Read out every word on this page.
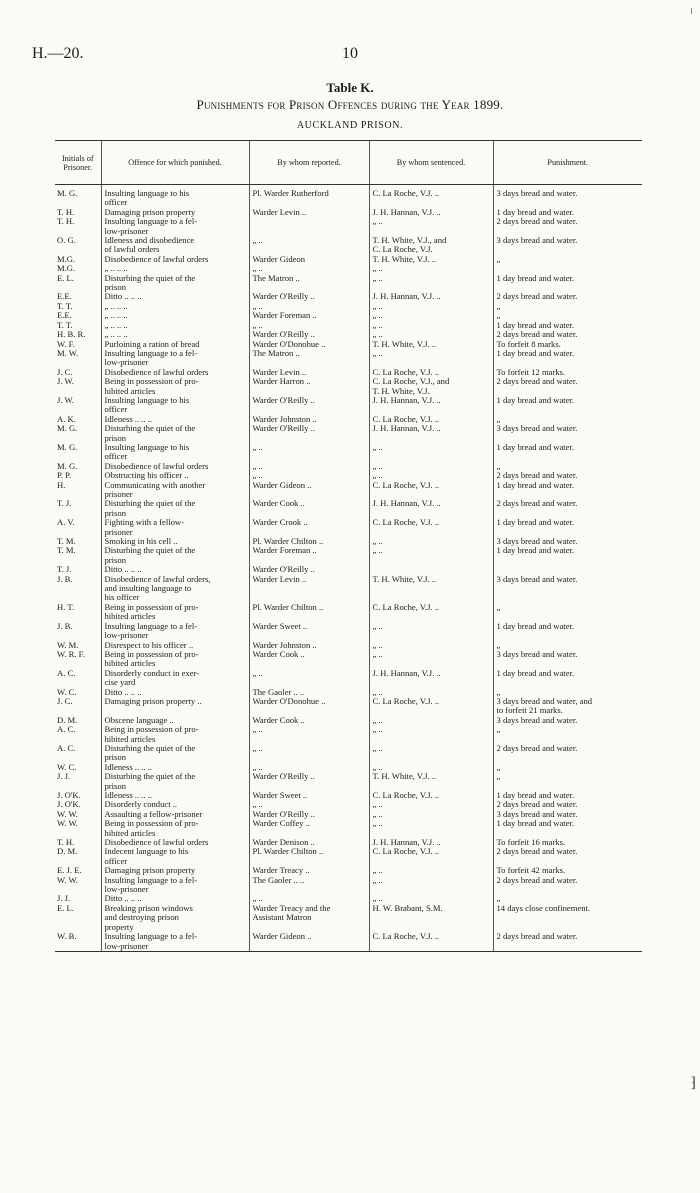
H.—20.	10
Table K.
Punishments for Prison Offences during the Year 1899.
AUCKLAND PRISON.
Initials of Prisoner.	Offence for which punished.	By whom reported.	By whom sentenced.	Punishment.

M. G.	Insulting language to his	Pl. Warder Rutherford	C. La Roche, V.J. ..	3 days bread and water.
	officer			
T. H.	Damaging prison property	Warder Levin ..	J. H. Hannan, V.J. ..	1 day bread and water.
T. H.	Insulting language to a fel-		„ ..	2 days bread and water.
	low-prisoner			
O. G.	Idleness and disobedience	„ ..	T. H. White, V.J., and	3 days bread and water.
	of lawful orders		C. La Roche, V.J.	
M.G.	Disobedience of lawful orders	Warder Gideon	T. H. White, V.J. ..	„
M.G.	„ .. .. ..	„ ..	„ ..	
E. L.	Disturbing the quiet of the	The Matron ..	„ ..	1 day bread and water.
	prison			
E.E.	Ditto .. .. ..	Warder O'Reilly ..	J. H. Hannan, V.J. ..	2 days bread and water.
T. T.	„ .. .. ..	„ ..	„ ..	„
E.E.	„ .. .. ..	Warder Foreman ..	„ ..	„
T. T.	„ .. .. ..	„ ..	„ ..	1 day bread and water.
H. B. R.	„ .. .. ..	Warder O'Reilly ..	„ ..	2 days bread and water.
W. F.	Purloining a ration of bread	Warder O'Donohue ..	T. H. White, V.J. ..	To forfeit 8 marks.
M. W.	Insulting language to a fel-	The Matron ..	„ ..	1 day bread and water.
	low-prisoner			
J. C.	Disobedience of lawful orders	Warder Levin ..	C. La Roche, V.J. ..	To forfeit 12 marks.
J. W.	Being in possession of pro-	Warder Harron ..	C. La Roche, V.J., and	2 days bread and water.
	hibited articles		T. H. White, V.J.	
J. W.	Insulting language to his	Warder O'Reilly ..	J. H. Hannan, V.J. ..	1 day bread and water.
	officer			
A. K.	Idleness .. .. ..	Warder Johnston ..	C. La Roche, V.J. ..	„
M. G.	Disturbing the quiet of the	Warder O'Reilly ..	J. H. Hannan, V.J. ..	3 days bread and water.
	prison			
M. G.	Insulting language to his	„ ..	„ ..	1 day bread and water.
	officer			
M. G.	Disobedience of lawful orders	„ ..	„ ..	„
P. P.	Obstructing his officer ..	„ ..	„ ..	2 days bread and water.
H.	Communicating with another	Warder Gideon ..	C. La Roche, V.J. ..	1 day bread and water.
	prisoner			
T. J.	Disturbing the quiet of the	Warder Cook ..	J. H. Hannan, V.J. ..	2 days bread and water.
	prison			
A. V.	Fighting with a fellow-	Warder Crook ..	C. La Roche, V.J. ..	1 day bread and water.
	prisoner			
T. M.	Smoking in his cell ..	Pl. Warder Chilton ..	„ ..	3 days bread and water.
T. M.	Disturbing the quiet of the	Warder Foreman ..	„ ..	1 day bread and water.
	prison			
T. J.	Ditto .. .. ..	Warder O'Reilly ..		
J. B.	Disobedience of lawful orders,	Warder Levin ..	T. H. White, V.J. ..	3 days bread and water.
	and insulting language to			
	his officer			
H. T.	Being in possession of pro-	Pl. Warder Chilton ..	C. La Roche, V.J. ..	„
	hibited articles			
J. B.	Insulting language to a fel-	Warder Sweet ..	„ ..	1 day bread and water.
	low-prisoner			
W. M.	Disrespect to his officer ..	Warder Johnston ..	„ ..	„
W. R. F.	Being in possession of pro-	Warder Cook ..	„ ..	3 days bread and water.
	hibited articles			
A. C.	Disorderly conduct in exer-	„ ..	J. H. Hannan, V.J. ..	1 day bread and water.
	cise yard			
W. C.	Ditto .. .. ..	The Gaoler .. ..	„ ..	„
J. C.	Damaging prison property ..	Warder O'Donohue ..	C. La Roche, V.J. ..	3 days bread and water, and
				to forfeit 21 marks.
D. M.	Obscene language ..	Warder Cook ..	„ ..	3 days bread and water.
A. C.	Being in possession of pro-	„ ..	„ ..	„
	hibited articles			
A. C.	Disturbing the quiet of the	„ ..	„ ..	2 days bread and water.
	prison			
W. C.	Idleness .. .. ..	„ ..	„ ..	„
J. J.	Disturbing the quiet of the	Warder O'Reilly ..	T. H. White, V.J. ..	„
	prison			
J. O'K.	Idleness .. .. ..	Warder Sweet ..	C. La Roche, V.J. ..	1 day bread and water.
J. O'K.	Disorderly conduct ..	„ ..	„ ..	2 days bread and water.
W. W.	Assaulting a fellow-prisoner	Warder O'Reilly ..	„ ..	3 days bread and water.
W. W.	Being in possession of pro-	Warder Coffey ..	„ ..	1 day bread and water.
	hibited articles			
T. H.	Disobedience of lawful orders	Warder Denison ..	J. H. Hannan, V.J. ..	To forfeit 16 marks.
D. M.	Indecent language to his	Pl. Warder Chilton ..	C. La Roche, V.J. ..	2 days bread and water.
	officer			
E. J. E.	Damaging prison property	Warder Treacy ..	„ ..	To forfeit 42 marks.
W. W.	Insulting language to a fel-	The Gaoler .. ..	„ ..	2 days bread and water.
	low-prisoner			
J. J.	Ditto .. .. ..	„ ..	„ ..	„
E. L.	Breaking prison windows	Warder Treacy and the	H. W. Brabant, S.M.	14 days close confinement.
	and destroying prison	Assistant Matron		
	property			
W. B.	Insulting language to a fel-	Warder Gideon ..	C. La Roche, V.J. ..	2 days bread and water.
	low-prisoner			
⁆
